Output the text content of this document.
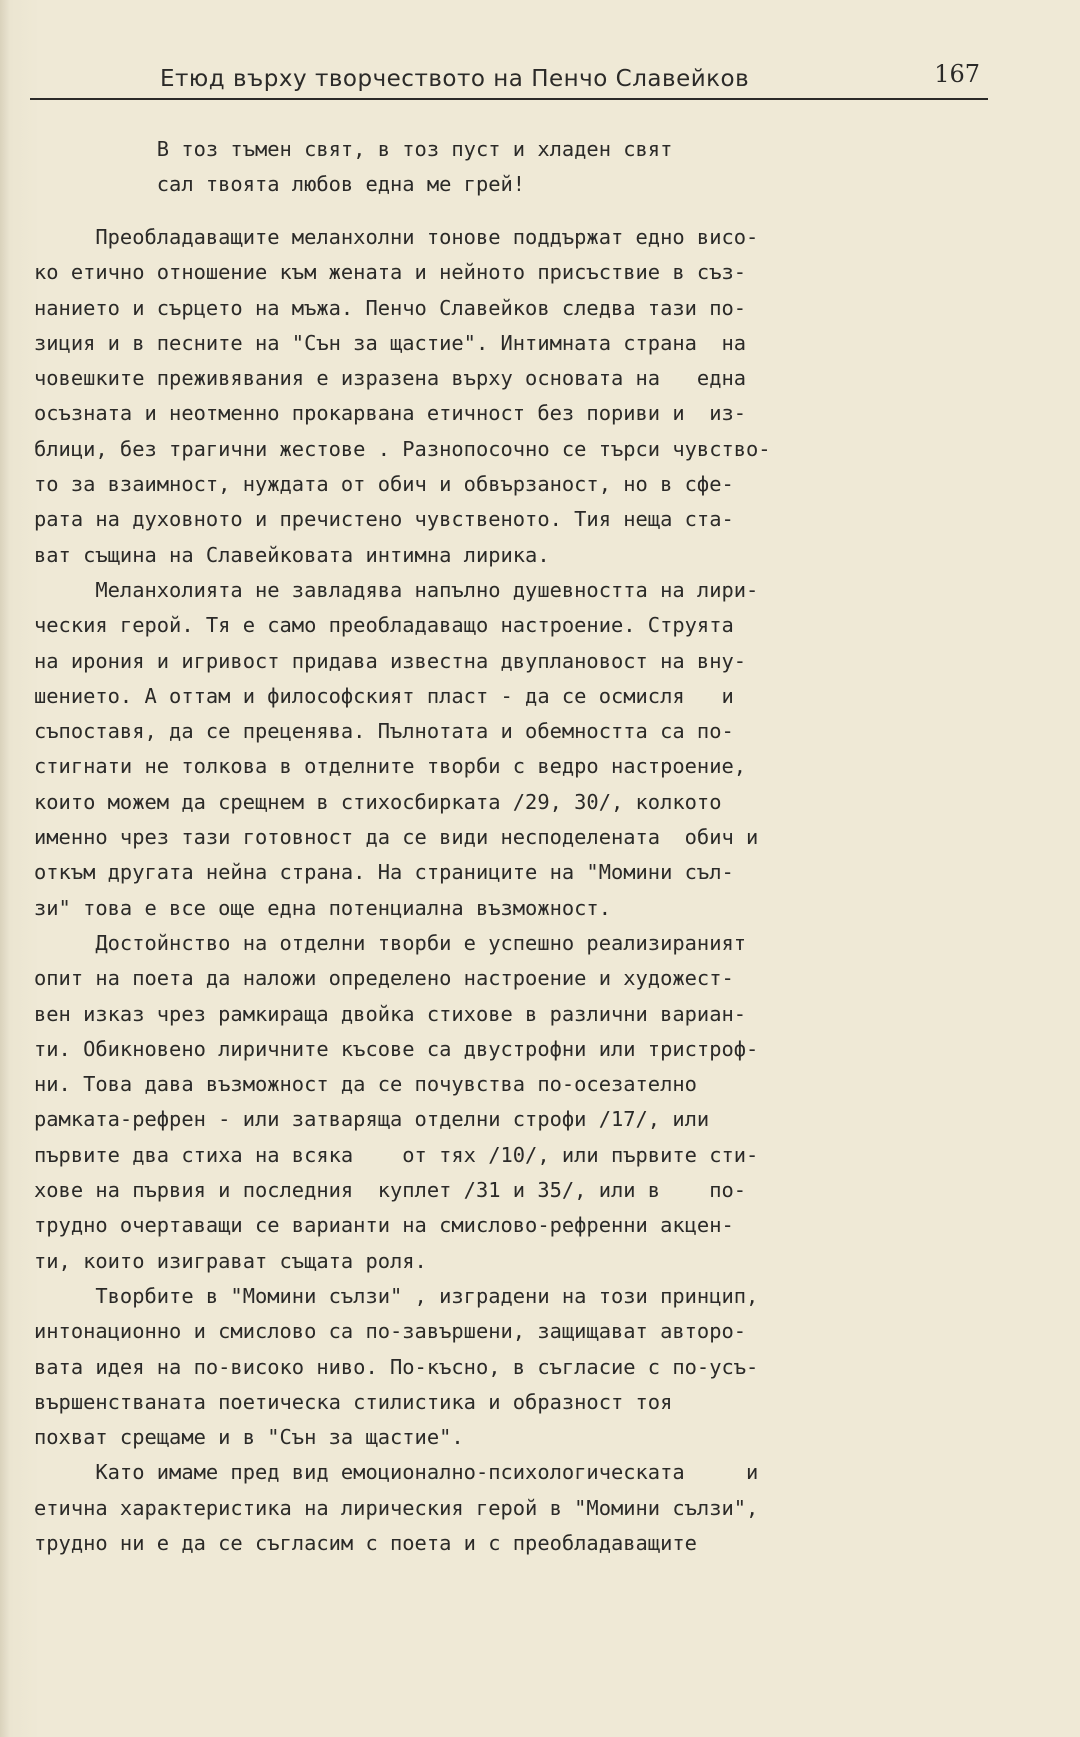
Етюд върху творчеството на Пенчо Славейков	167
В тоз тъмен свят, в тоз пуст и хладен свят
сал твоята любов една ме грей!
Преобладаващите меланхолни тонове поддържат едно висо-
ко етично отношение към жената и нейното присъствие в съз-
нанието и сърцето на мъжа. Пенчо Славейков следва тази по-
зиция и в песните на "Сън за щастие". Интимната страна  на
човешките преживявания е изразена върху основата на   една
осъзната и неотменно прокарвана етичност без пориви и  из-
блици, без трагични жестове . Разнопосочно се търси чувство-
то за взаимност, нуждата от обич и обвързаност, но в сфе-
рата на духовното и пречистено чувственото. Тия неща ста-
ват същина на Славейковата интимна лирика.
Меланхолията не завладява напълно душевността на лири-
ческия герой. Тя е само преобладаващо настроение. Струята
на ирония и игривост придава известна двуплановост на вну-
шението. А оттам и философският пласт - да се осмисля   и
съпоставя, да се преценява. Пълнотата и обемността са по-
стигнати не толкова в отделните творби с ведро настроение,
които можем да срещнем в стихосбирката /29, 30/, колкото
именно чрез тази готовност да се види несподелената  обич и
откъм другата нейна страна. На страниците на "Момини съл-
зи" това е все още една потенциална възможност.
Достойнство на отделни творби е успешно реализираният
опит на поета да наложи определено настроение и художест-
вен изказ чрез рамкираща двойка стихове в различни вариан-
ти. Обикновено лиричните късове са двустрофни или тристроф-
ни. Това дава възможност да се почувства по-осезателно
рамката-рефрен - или затваряща отделни строфи /17/, или
първите два стиха на всяка    от тях /10/, или първите сти-
хове на първия и последния  куплет /31 и 35/, или в    по-
трудно очертаващи се варианти на смислово-рефренни акцен-
ти, които изиграват същата роля.
Творбите в "Момини сълзи" , изградени на този принцип,
интонационно и смислово са по-завършени, защищават авторо-
вата идея на по-високо ниво. По-късно, в съгласие с по-усъ-
вършенстваната поетическа стилистика и образност тоя
похват срещаме и в "Сън за щастие".
Като имаме пред вид емоционално-психологическата     и
етична характеристика на лирическия герой в "Момини сълзи",
трудно ни е да се съгласим с поета и с преобладаващите
